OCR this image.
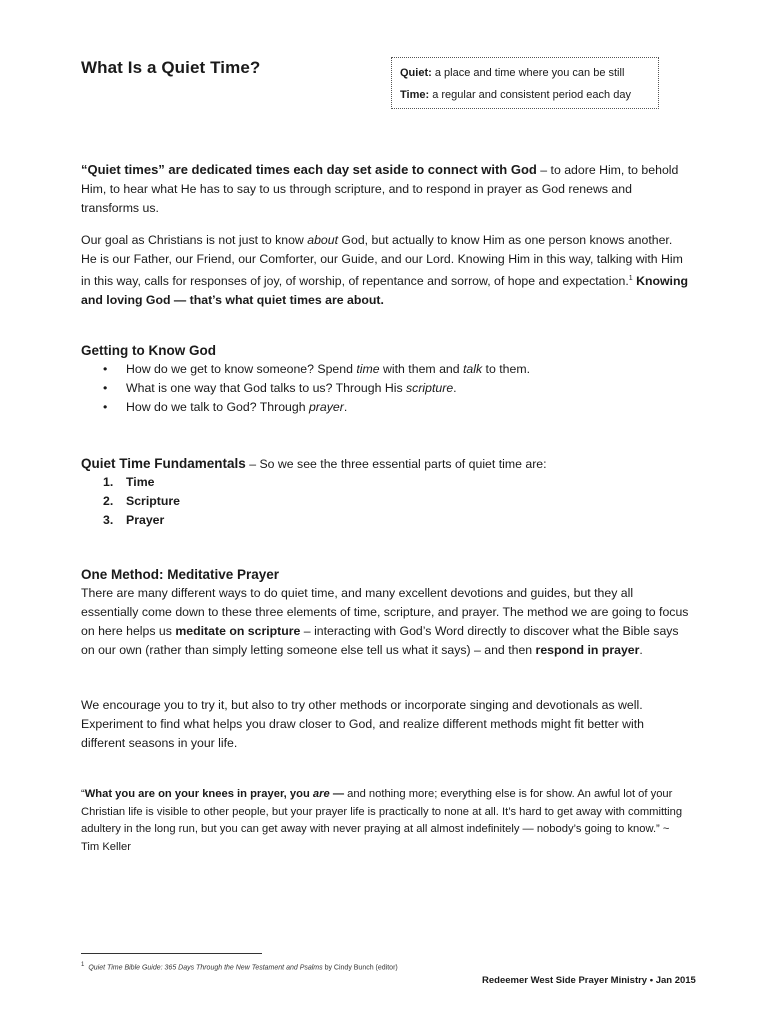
What Is a Quiet Time?	Quiet: a place and time where you can be still
Time: a regular and consistent period each day
“Quiet times” are dedicated times each day set aside to connect with God – to adore Him, to behold Him, to hear what He has to say to us through scripture, and to respond in prayer as God renews and transforms us.
Our goal as Christians is not just to know about God, but actually to know Him as one person knows another. He is our Father, our Friend, our Comforter, our Guide, and our Lord. Knowing Him in this way, talking with Him in this way, calls for responses of joy, of worship, of repentance and sorrow, of hope and expectation.$^1$ Knowing and loving God — that’s what quiet times are about.
Getting to Know God
• How do we get to know someone? Spend time with them and talk to them.
• What is one way that God talks to us? Through His scripture.
• How do we talk to God? Through prayer.
Quiet Time Fundamentals – So we see the three essential parts of quiet time are:
1. Time
2. Scripture
3. Prayer
One Method: Meditative Prayer
There are many different ways to do quiet time, and many excellent devotions and guides, but they all essentially come down to these three elements of time, scripture, and prayer. The method we are going to focus on here helps us meditate on scripture – interacting with God’s Word directly to discover what the Bible says on our own (rather than simply letting someone else tell us what it says) – and then respond in prayer.
We encourage you to try it, but also to try other methods or incorporate singing and devotionals as well. Experiment to find what helps you draw closer to God, and realize different methods might fit better with different seasons in your life.
“What you are on your knees in prayer, you are — and nothing more; everything else is for show. An awful lot of your Christian life is visible to other people, but your prayer life is practically to none at all. It’s hard to get away with committing adultery in the long run, but you can get away with never praying at all almost indefinitely — nobody’s going to know.” ~ Tim Keller
$^1$ Quiet Time Bible Guide: 365 Days Through the New Testament and Psalms by Cindy Bunch (editor)
Redeemer West Side Prayer Ministry • Jan 2015
